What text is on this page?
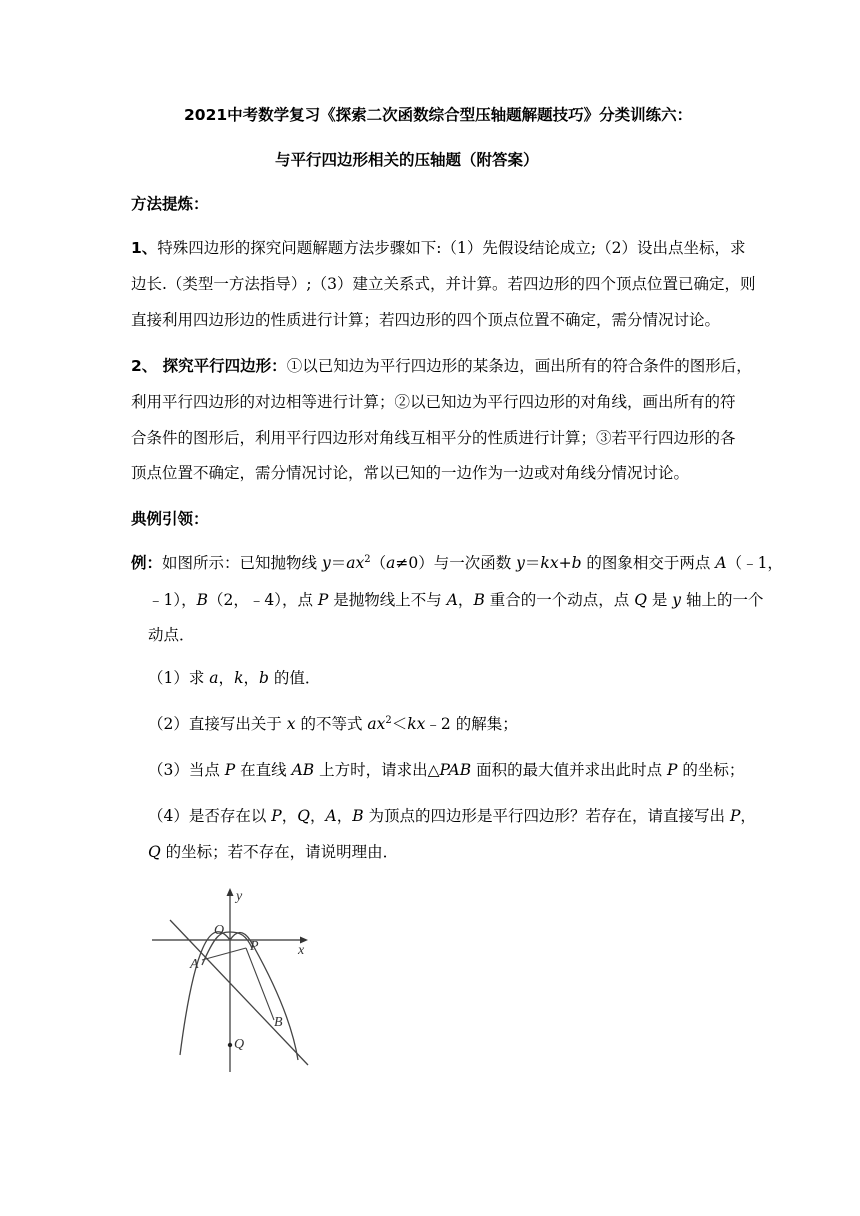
2021中考数学复习《探索二次函数综合型压轴题解题技巧》分类训练六：
与平行四边形相关的压轴题（附答案）
方法提炼：
1、特殊四边形的探究问题解题方法步骤如下:（1）先假设结论成立;（2）设出点坐标，求
边长.（类型一方法指导）;（3）建立关系式，并计算。若四边形的四个顶点位置已确定，则
直接利用四边形边的性质进行计算；若四边形的四个顶点位置不确定，需分情况讨论。
2、 探究平行四边形：①以已知边为平行四边形的某条边，画出所有的符合条件的图形后，
利用平行四边形的对边相等进行计算；②以已知边为平行四边形的对角线，画出所有的符
合条件的图形后，利用平行四边形对角线互相平分的性质进行计算；③若平行四边形的各
顶点位置不确定，需分情况讨论，常以已知的一边作为一边或对角线分情况讨论。
典例引领：
例：如图所示：已知抛物线 $y=ax^2(a\ne 0)$与一次函数 y＝kx+b 的图象相交于两点 A（﹣1，
﹣1），B（2，﹣4），点 P 是抛物线上不与 A，B 重合的一个动点，点 Q 是 y 轴上的一个
动点．
（1）求 a，k，b 的值．
（2）直接写出关于 x 的不等式 $ax^2<kx﹣2$ 的解集；
（3）当点 P 在直线 AB 上方时，请求出△PAB 面积的最大值并求出此时点 P 的坐标；
（4）是否存在以 P，Q，A，B 为顶点的四边形是平行四边形？若存在，请直接写出 P，
Q 的坐标；若不存在，请说明理由．
y
x
O
A
P
B
Q
